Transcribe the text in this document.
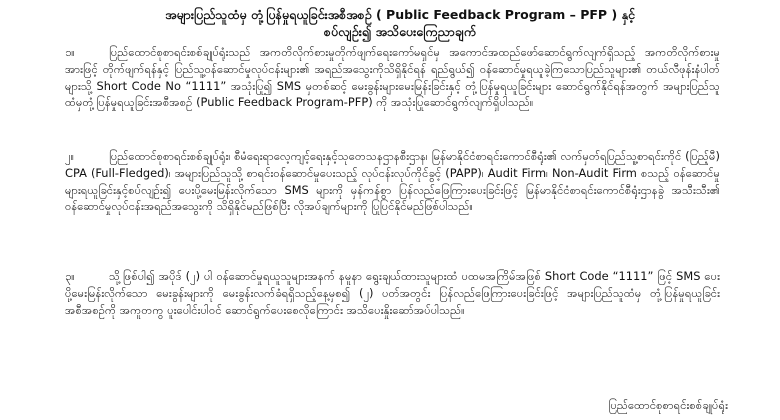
အများပြည်သူထံမှ တုံ့ပြန်မှုရယူခြင်းအစီအစဉ် ( Public Feedback Program – PFP ) နှင့်
စပ်လျဉ်း၍ အသိပေးကြေညာချက်
၁။	ပြည်ထောင်စုစာရင်းစစ်ချုပ်ရုံးသည် အကတိလိုက်စားမှုတိုက်ဖျက်ရေးကော်မရှင်မှ အကောင်အထည်ဖော်ဆောင်ရွက်လျက်ရှိသည့် အကတိလိုက်စားမှုအားဖြင့် တိုက်ဖျက်ရန်နှင့် ပြည်သူ့ဝန်ဆောင်မှုလုပ်ငန်းများ၏ အရည်အသွေးကိုသိရှိနိုင်ရန် ရည်ရွယ်၍ ဝန်ဆောင်မှုရယူခဲ့ကြသောပြည်သူများ၏ တယ်လီဖုန်းနံပါတ်များသို့ Short Code No “1111” အသုံးပြု၍ SMS မှတစ်ဆင့် မေးခွန်းများမေးမြန်းခြင်းနှင့် တုံ့ပြန်မှုရယူခြင်းများ ဆောင်ရွက်နိုင်ရန်အတွက် အများပြည်သူထံမှတုံ့ပြန်မှုရယူခြင်းအစီအစဉ် (Public Feedback Program-PFP) ကို အသုံးပြုဆောင်ရွက်လျက်ရှိပါသည်။
၂။	ပြည်ထောင်စုစာရင်းစစ်ချုပ်ရုံး၊ စီမံရေးရာလေ့ကျင့်ရေးနှင့်သုတေသနဌာနစီးဌာန၊ မြန်မာနိုင်ငံစာရင်းကောင်စီရုံး၏ လက်မှတ်ရပြည်သူ့စာရင်းကိုင် (ပြည့်မီ) CPA (Full-Fledged)၊ အများပြည်သူသို့ စာရင်းဝန်ဆောင်မှုပေးသည့် လုပ်ငန်းလုပ်ကိုင်ခွင့် (PAPP)၊ Audit Firm၊ Non-Audit Firm စသည့် ဝန်ဆောင်မှုများရယူခြင်းနှင့်စပ်လျဉ်း၍ ပေးပို့မေးမြန်းလိုက်သော SMS များကို မှန်ကန်စွာ ပြန်လည်ဖြေကြားပေးခြင်းဖြင့် မြန်မာနိုင်ငံစာရင်းကောင်စီရုံးဌာနခွဲ အသီးသီး၏ ဝန်ဆောင်မှုလုပ်ငန်းအရည်အသွေးကို သိရှိနိုင်မည်ဖြစ်ပြီး လိုအပ်ချက်များကို ပြုပြင်နိုင်မည်ဖြစ်ပါသည်။
၃။	သို့ဖြစ်ပါ၍ အပိုဒ် (၂) ပါ ဝန်ဆောင်မှုရယူသူများအနက် နမူနာ ရွေးချယ်ထားသူများထံ ပထမအကြိမ်အဖြစ် Short Code “1111” ဖြင့် SMS ပေးပို့မေးမြန်းလိုက်သော မေးခွန်းများကို မေးခွန်းလက်ခံရရှိသည့်နေ့မှစ၍ (၂) ပတ်အတွင်း ပြန်လည်ဖြေကြားပေးခြင်းဖြင့် အများပြည်သူထံမှ တုံ့ပြန်မှုရယူခြင်းအစီအစဉ်ကို အကူတကွ ပူးပေါင်းပါဝင် ဆောင်ရွက်ပေးစေလိုကြောင်း အသိပေးနှိုးဆော်အပ်ပါသည်။
ပြည်ထောင်စုစာရင်းစစ်ချုပ်ရုံး
